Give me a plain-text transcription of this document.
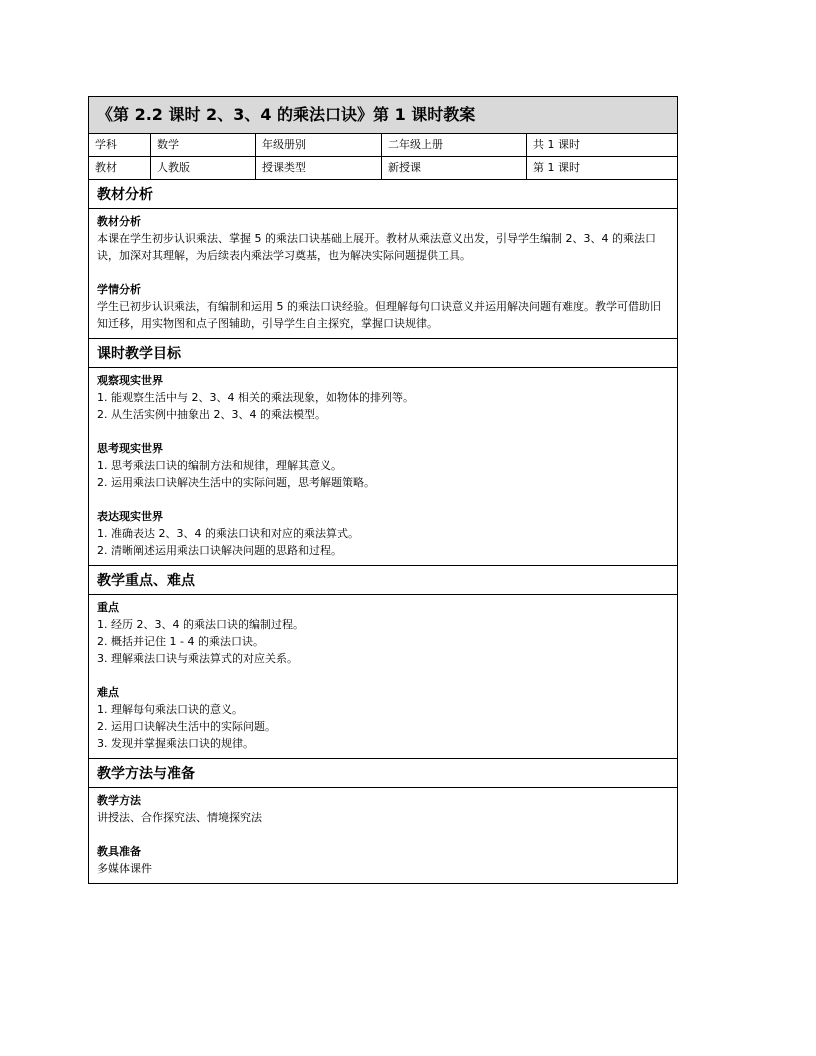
《第 2.2 课时 2、3、4 的乘法口诀》第 1 课时教案
学科	数学	年级册别	二年级上册	共 1 课时
教材	人教版	授课类型	新授课	第 1 课时
教材分析
教材分析
本课在学生初步认识乘法、掌握 5 的乘法口诀基础上展开。教材从乘法意义出发，引导学生编制 2、3、4 的乘法口诀，加深对其理解，为后续表内乘法学习奠基，也为解决实际问题提供工具。
学情分析
学生已初步认识乘法，有编制和运用 5 的乘法口诀经验。但理解每句口诀意义并运用解决问题有难度。教学可借助旧知迁移，用实物图和点子图辅助，引导学生自主探究，掌握口诀规律。
课时教学目标
观察现实世界
1. 能观察生活中与 2、3、4 相关的乘法现象，如物体的排列等。
2. 从生活实例中抽象出 2、3、4 的乘法模型。
思考现实世界
1. 思考乘法口诀的编制方法和规律，理解其意义。
2. 运用乘法口诀解决生活中的实际问题，思考解题策略。
表达现实世界
1. 准确表达 2、3、4 的乘法口诀和对应的乘法算式。
2. 清晰阐述运用乘法口诀解决问题的思路和过程。
教学重点、难点
重点
1. 经历 2、3、4 的乘法口诀的编制过程。
2. 概括并记住 1 - 4 的乘法口诀。
3. 理解乘法口诀与乘法算式的对应关系。
难点
1. 理解每句乘法口诀的意义。
2. 运用口诀解决生活中的实际问题。
3. 发现并掌握乘法口诀的规律。
教学方法与准备
教学方法
讲授法、合作探究法、情境探究法
教具准备
多媒体课件
